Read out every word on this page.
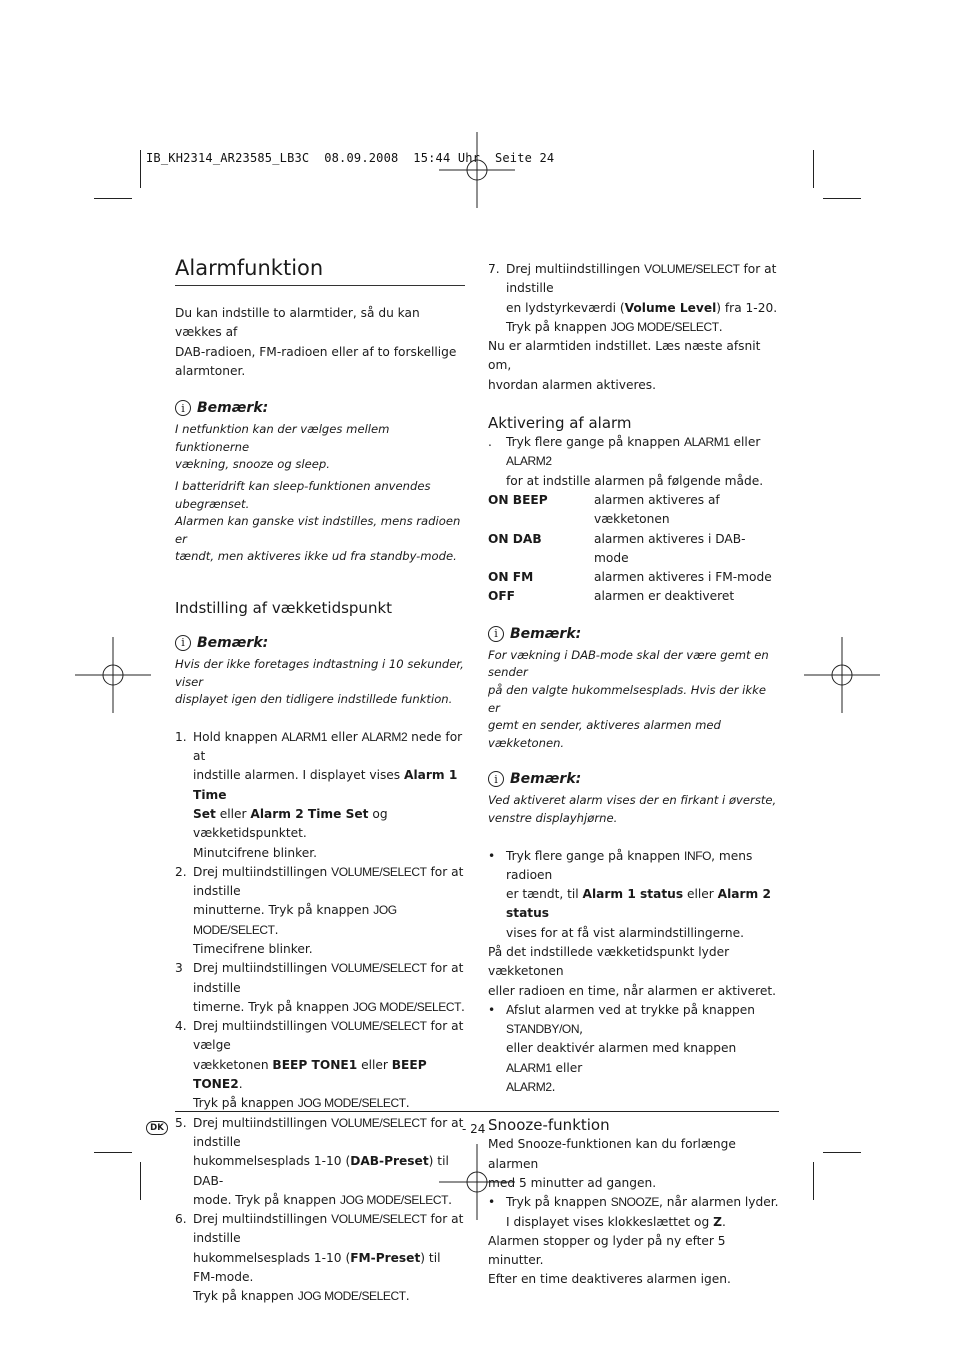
IB_KH2314_AR23585_LB3C  08.09.2008  15:44 Uhr  Seite 24
Alarmfunktion

Du kan indstille to alarmtider, så du kan vækkes af

DAB-radioen, FM-radioen eller af to forskellige

alarmtoner.

i Bemærk:

I netfunktion kan der vælges mellem funktionerne

vækning, snooze og sleep.

I batteridrift kan sleep-funktionen anvendes ubegrænset.

Alarmen kan ganske vist indstilles, mens radioen er

tændt, men aktiveres ikke ud fra standby-mode.

Indstilling af vækketidspunkt
i Bemærk:

Hvis der ikke foretages indtastning i 10 sekunder, viser

displayet igen den tidligere indstillede funktion.

1. Hold knappen ALARM1 eller ALARM2 nede for at

indstille alarmen. I displayet vises Alarm 1 Time

Set eller Alarm 2 Time Set og vækketidspunktet.

Minutcifrene blinker.

2. Drej multiindstillingen VOLUME/SELECT for at indstille

minutterne. Tryk på knappen JOG MODE/SELECT.

Timecifrene blinker.

3 Drej multiindstillingen VOLUME/SELECT for at indstille

timerne. Tryk på knappen JOG MODE/SELECT.

4. Drej multiindstillingen VOLUME/SELECT for at vælge

vækketonen BEEP TONE1 eller BEEP TONE2.

Tryk på knappen JOG MODE/SELECT.

5. Drej multiindstillingen VOLUME/SELECT for at indstille

hukommelsesplads 1-10 (DAB-Preset) til DAB-

mode. Tryk på knappen JOG MODE/SELECT.

6. Drej multiindstillingen VOLUME/SELECT for at indstille

hukommelsesplads 1-10 (FM-Preset) til FM-mode.

Tryk på knappen JOG MODE/SELECT.

7. Drej multiindstillingen VOLUME/SELECT for at indstille

en lydstyrkeværdi (Volume Level) fra 1-20.

Tryk på knappen JOG MODE/SELECT.

Nu er alarmtiden indstillet. Læs næste afsnit om,

hvordan alarmen aktiveres.

Aktivering af alarm
.	Tryk flere gange på knappen ALARM1 eller ALARM2

for at indstille alarmen på følgende måde.

ON BEEP	alarmen aktiveres af vækketonen
ON DAB	alarmen aktiveres i DAB-mode
ON FM	alarmen aktiveres i FM-mode
OFF	alarmen er deaktiveret
i Bemærk:

For vækning i DAB-mode skal der være gemt en sender

på den valgte hukommelsesplads. Hvis der ikke er

gemt en sender, aktiveres alarmen med vækketonen.

i Bemærk:

Ved aktiveret alarm vises der en firkant i øverste,

venstre displayhjørne.

• Tryk flere gange på knappen INFO, mens radioen

er tændt, til Alarm 1 status eller Alarm 2 status

vises for at få vist alarmindstillingerne.

På det indstillede vækketidspunkt lyder vækketonen

eller radioen en time, når alarmen er aktiveret.

• Afslut alarmen ved at trykke på knappen STANDBY/ON,

eller deaktivér alarmen med knappen ALARM1 eller

ALARM2.

Snooze-funktion

Med Snooze-funktionen kan du forlænge alarmen

med 5 minutter ad gangen.

• Tryk på knappen SNOOZE, når alarmen lyder.

I displayet vises klokkeslættet og Z.

Alarmen stopper og lyder på ny efter 5 minutter.

Efter en time deaktiveres alarmen igen.

DK	- 24 -
